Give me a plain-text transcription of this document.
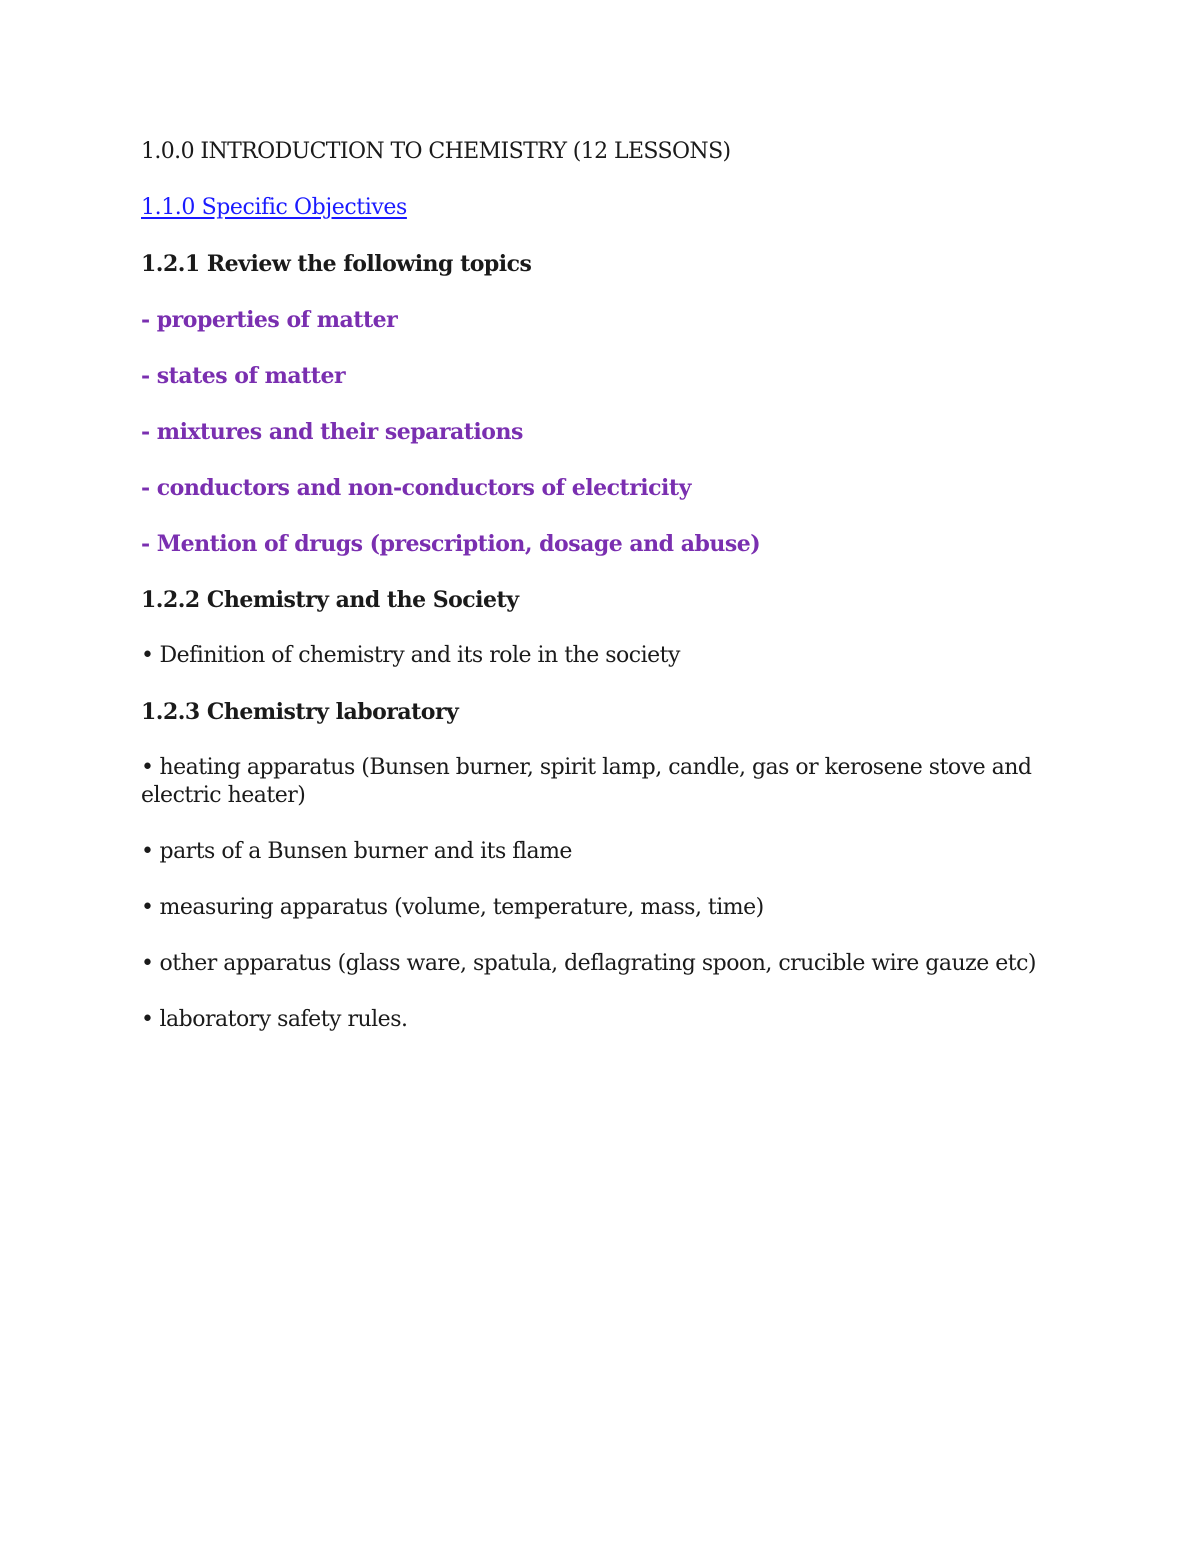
1.0.0 INTRODUCTION TO CHEMISTRY (12 LESSONS)

1.1.0 Specific Objectives

1.2.1 Review the following topics

- properties of matter

- states of matter

- mixtures and their separations

- conductors and non-conductors of electricity

- Mention of drugs (prescription, dosage and abuse)

1.2.2 Chemistry and the Society

• Definition of chemistry and its role in the society

1.2.3 Chemistry laboratory

• heating apparatus (Bunsen burner, spirit lamp, candle, gas or kerosene stove and electric heater)

• parts of a Bunsen burner and its flame

• measuring apparatus (volume, temperature, mass, time)

• other apparatus (glass ware, spatula, deflagrating spoon, crucible wire gauze etc)

• laboratory safety rules.
